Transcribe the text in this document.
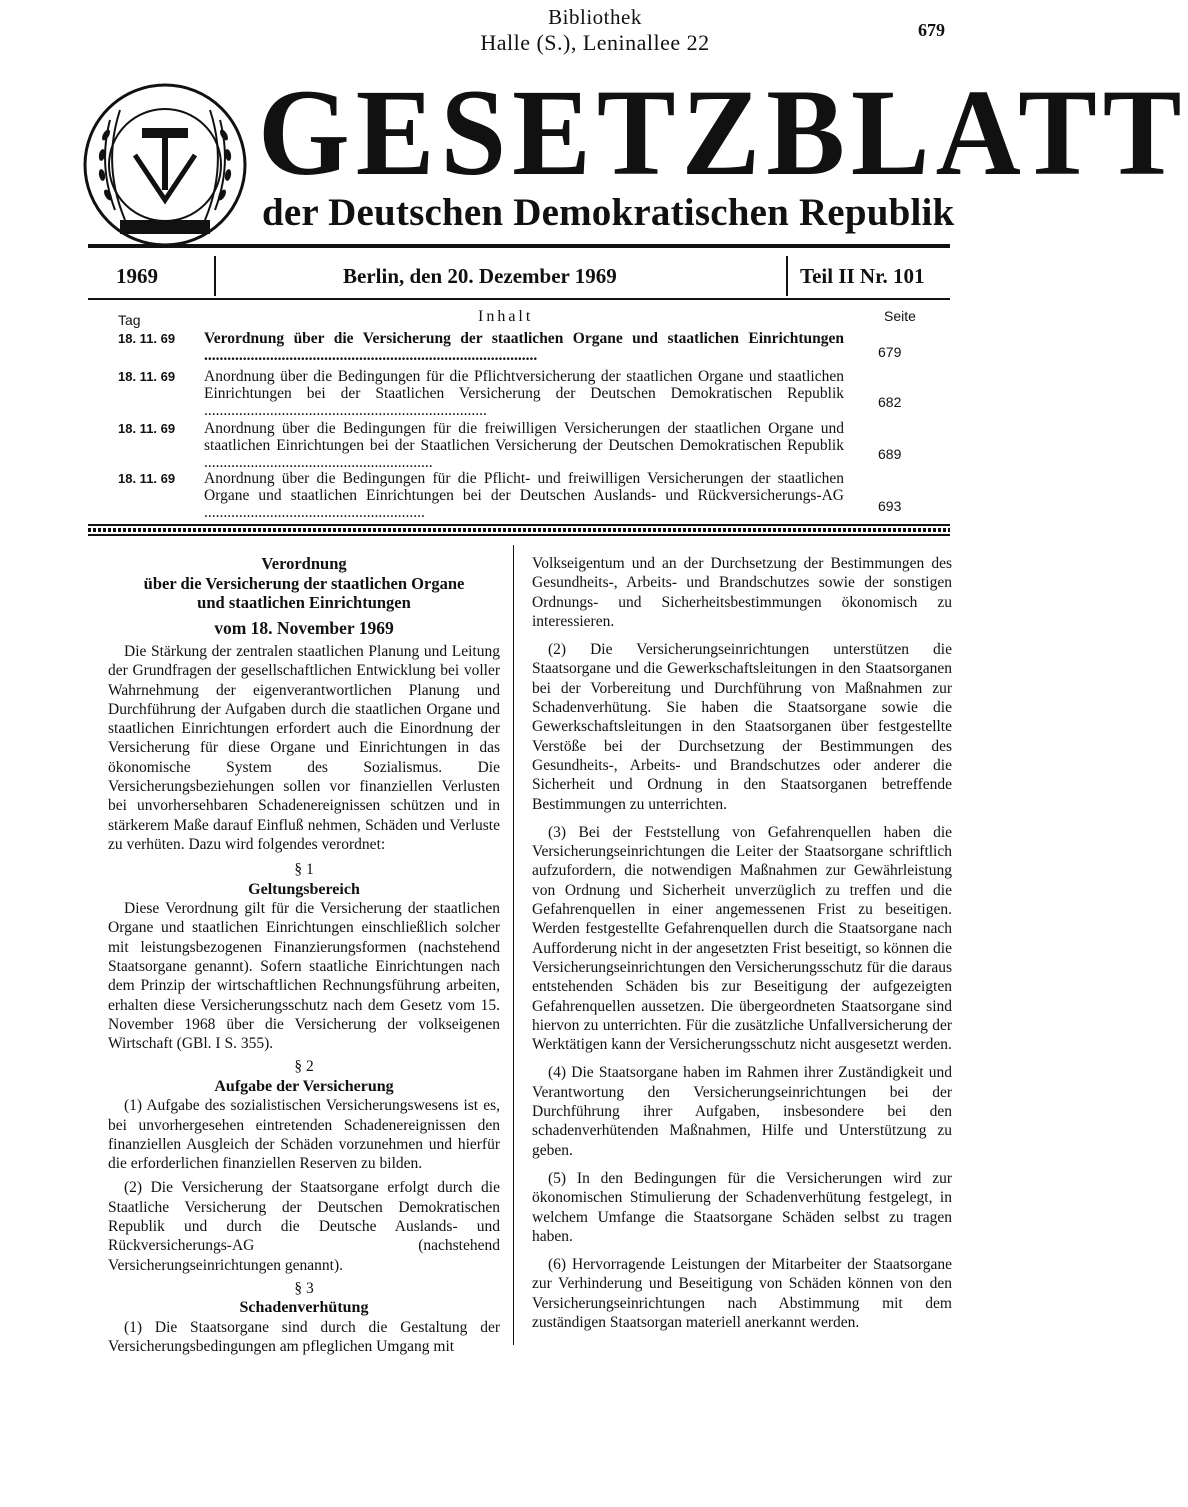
Bibliothek
Halle (S.), Leninallee 22	679
GESETZBLATT
der Deutschen Demokratischen Republik
1969	Berlin, den 20. Dezember 1969	Teil II Nr. 101
Tag	Inhalt	Seite
18. 11. 69 Verordnung über die Versicherung der staatlichen Organe und staatlichen Einrichtungen ......................................................................................	679
18. 11. 69 Anordnung über die Bedingungen für die Pflichtversicherung der staatlichen Organe und staatlichen Einrichtungen bei der Staatlichen Versicherung der Deutschen Demokratischen Republik .........................................................................	682
18. 11. 69 Anordnung über die Bedingungen für die freiwilligen Versicherungen der staatlichen Organe und staatlichen Einrichtungen bei der Staatlichen Versicherung der Deutschen Demokratischen Republik ...........................................................	689
18. 11. 69 Anordnung über die Bedingungen für die Pflicht- und freiwilligen Versicherungen der staatlichen Organe und staatlichen Einrichtungen bei der Deutschen Auslands- und Rückversicherungs-AG .........................................................	693

Verordnung

über die Versicherung der staatlichen Organe

und staatlichen Einrichtungen

vom 18. November 1969

Die Stärkung der zentralen staatlichen Planung und Leitung der Grundfragen der gesellschaftlichen Entwicklung bei voller Wahrnehmung der eigenverantwortlichen Planung und Durchführung der Aufgaben durch die staatlichen Organe und staatlichen Einrichtungen erfordert auch die Einordnung der Versicherung für diese Organe und Einrichtungen in das ökonomische System des Sozialismus. Die Versicherungsbeziehungen sollen vor finanziellen Verlusten bei unvorhersehbaren Schadenereignissen schützen und in stärkerem Maße darauf Einfluß nehmen, Schäden und Verluste zu verhüten. Dazu wird folgendes verordnet:

§ 1

Geltungsbereich

Diese Verordnung gilt für die Versicherung der staatlichen Organe und staatlichen Einrichtungen einschließlich solcher mit leistungsbezogenen Finanzierungsformen (nachstehend Staatsorgane genannt). Sofern staatliche Einrichtungen nach dem Prinzip der wirtschaftlichen Rechnungsführung arbeiten, erhalten diese Versicherungsschutz nach dem Gesetz vom 15. November 1968 über die Versicherung der volkseigenen Wirtschaft (GBl. I S. 355).

§ 2

Aufgabe der Versicherung

(1) Aufgabe des sozialistischen Versicherungswesens ist es, bei unvorhergesehen eintretenden Schadenereignissen den finanziellen Ausgleich der Schäden vorzunehmen und hierfür die erforderlichen finanziellen Reserven zu bilden.

(2) Die Versicherung der Staatsorgane erfolgt durch die Staatliche Versicherung der Deutschen Demokratischen Republik und durch die Deutsche Auslands- und Rückversicherungs-AG (nachstehend Versicherungseinrichtungen genannt).

§ 3

Schadenverhütung

(1) Die Staatsorgane sind durch die Gestaltung der Versicherungsbedingungen am pfleglichen Umgang mit

Volkseigentum und an der Durchsetzung der Bestimmungen des Gesundheits-, Arbeits- und Brandschutzes sowie der sonstigen Ordnungs- und Sicherheitsbestimmungen ökonomisch zu interessieren.

(2) Die Versicherungseinrichtungen unterstützen die Staatsorgane und die Gewerkschaftsleitungen in den Staatsorganen bei der Vorbereitung und Durchführung von Maßnahmen zur Schadenverhütung. Sie haben die Staatsorgane sowie die Gewerkschaftsleitungen in den Staatsorganen über festgestellte Verstöße bei der Durchsetzung der Bestimmungen des Gesundheits-, Arbeits- und Brandschutzes oder anderer die Sicherheit und Ordnung in den Staatsorganen betreffende Bestimmungen zu unterrichten.

(3) Bei der Feststellung von Gefahrenquellen haben die Versicherungseinrichtungen die Leiter der Staatsorgane schriftlich aufzufordern, die notwendigen Maßnahmen zur Gewährleistung von Ordnung und Sicherheit unverzüglich zu treffen und die Gefahrenquellen in einer angemessenen Frist zu beseitigen. Werden festgestellte Gefahrenquellen durch die Staatsorgane nach Aufforderung nicht in der angesetzten Frist beseitigt, so können die Versicherungseinrichtungen den Versicherungsschutz für die daraus entstehenden Schäden bis zur Beseitigung der aufgezeigten Gefahrenquellen aussetzen. Die übergeordneten Staatsorgane sind hiervon zu unterrichten. Für die zusätzliche Unfallversicherung der Werktätigen kann der Versicherungsschutz nicht ausgesetzt werden.

(4) Die Staatsorgane haben im Rahmen ihrer Zuständigkeit und Verantwortung den Versicherungseinrichtungen bei der Durchführung ihrer Aufgaben, insbesondere bei den schadenverhütenden Maßnahmen, Hilfe und Unterstützung zu geben.

(5) In den Bedingungen für die Versicherungen wird zur ökonomischen Stimulierung der Schadenverhütung festgelegt, in welchem Umfange die Staatsorgane Schäden selbst zu tragen haben.

(6) Hervorragende Leistungen der Mitarbeiter der Staatsorgane zur Verhinderung und Beseitigung von Schäden können von den Versicherungseinrichtungen nach Abstimmung mit dem zuständigen Staatsorgan materiell anerkannt werden.
